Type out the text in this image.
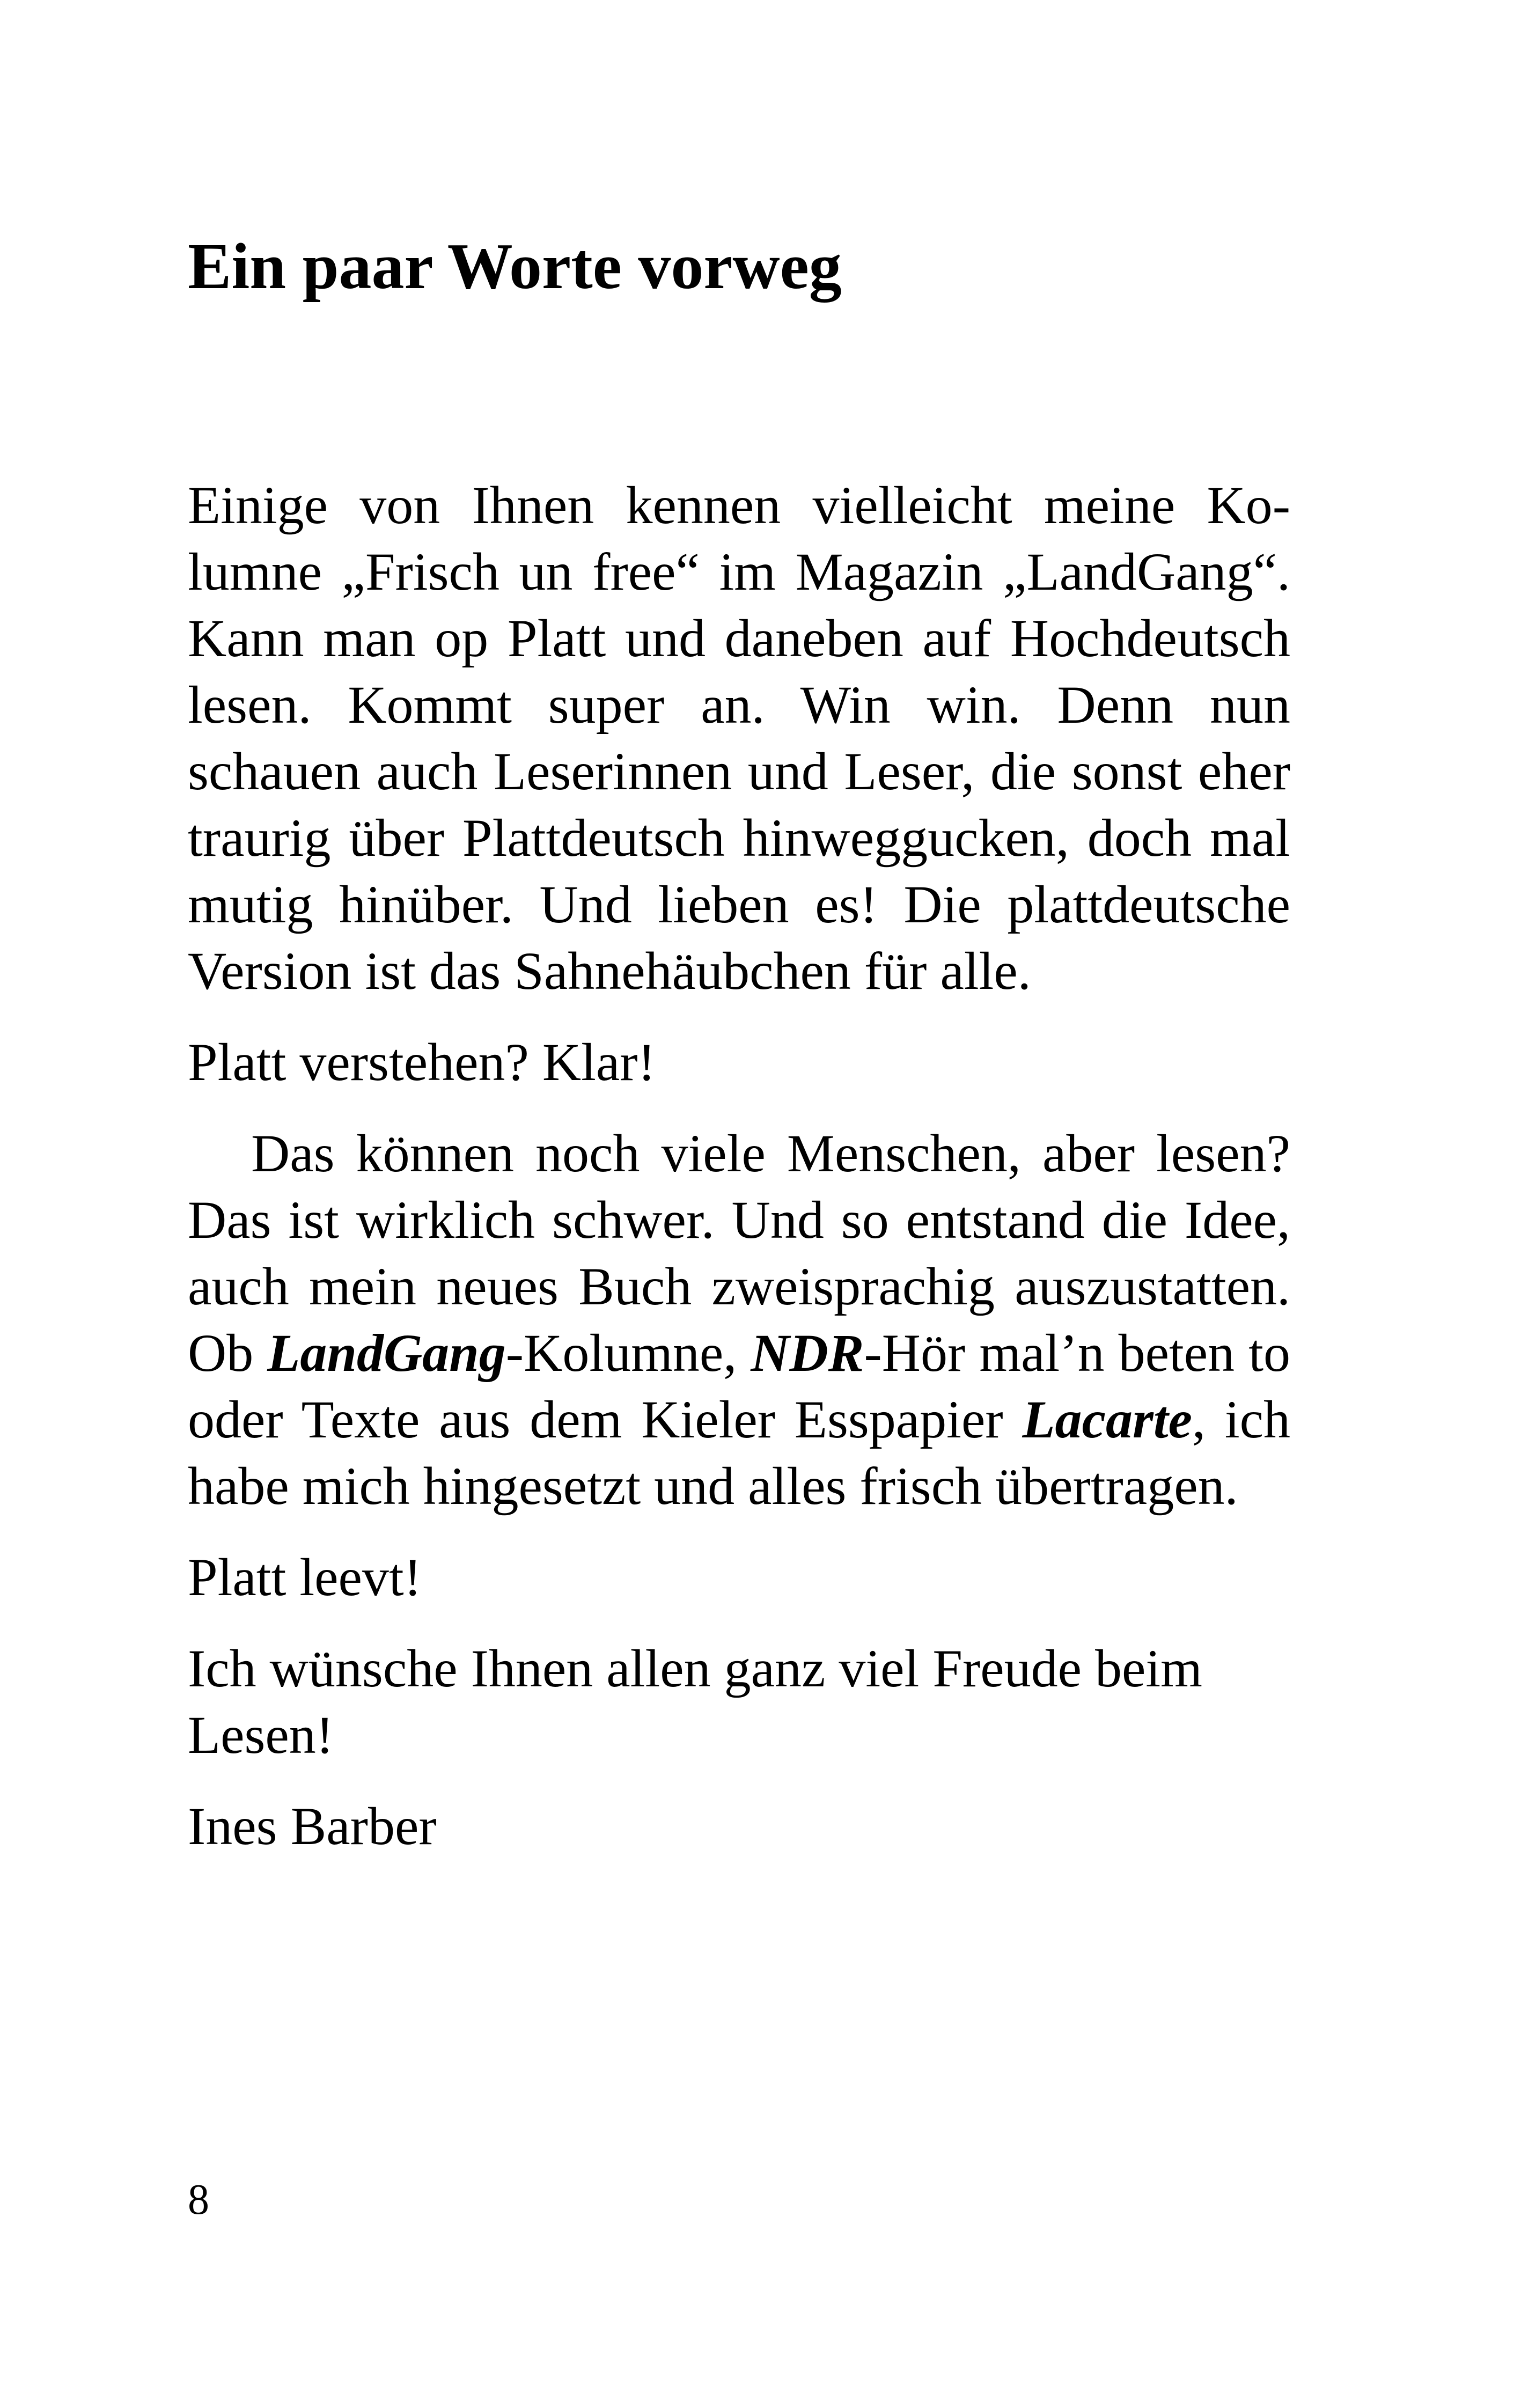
Ein paar Worte vorweg

Einige von Ihnen kennen vielleicht meine Kolumne „Frisch un free“ im Magazin „LandGang“. Kann man op Platt und daneben auf Hochdeutsch lesen. Kommt super an. Win win. Denn nun schauen auch Leserinnen und Leser, die sonst eher traurig über Plattdeutsch hinweggucken, doch mal mutig hinüber. Und lieben es! Die plattdeutsche Version ist das Sahnehäubchen für alle.

Platt verstehen? Klar!

Das können noch viele Menschen, aber lesen? Das ist wirklich schwer. Und so entstand die Idee, auch mein neues Buch zweisprachig auszustatten. Ob LandGang-Kolumne, NDR-Hör mal’n beten to oder Texte aus dem Kieler Esspapier Lacarte, ich habe mich hingesetzt und alles frisch übertragen.

Platt leevt!

Ich wünsche Ihnen allen ganz viel Freude beim Lesen!

Ines Barber

8
